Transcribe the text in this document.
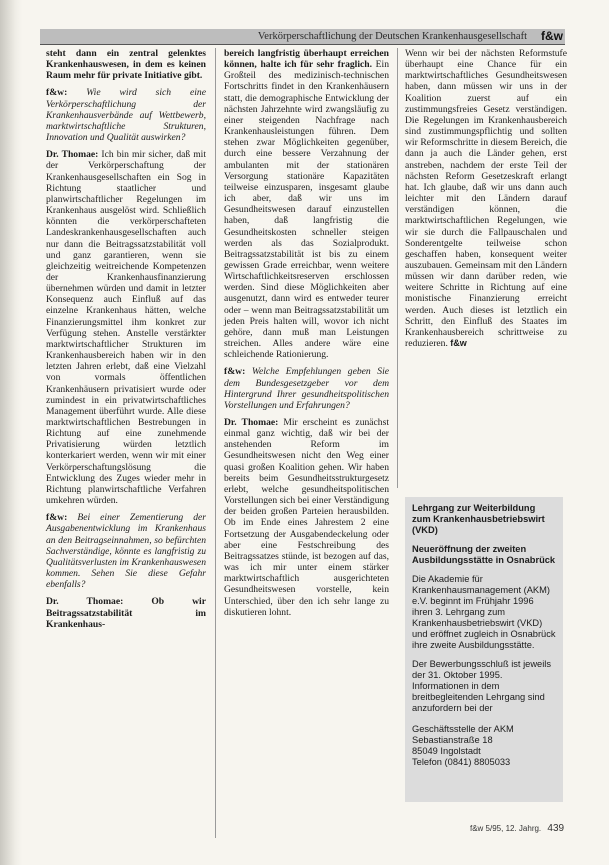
Verkörperschaftlichung der Deutschen Krankenhausgesellschaft f&w

steht dann ein zentral gelenktes Krankenhauswesen, in dem es keinen Raum mehr für private Initiative gibt.

f&w: Wie wird sich eine Verkörperschaftlichung der Krankenhausverbände auf Wettbewerb, marktwirtschaftliche Strukturen, Innovation und Qualität auswirken?

Dr. Thomae: Ich bin mir sicher, daß mit der Verkörperschaftung der Krankenhausgesellschaften ein Sog in Richtung staatlicher und planwirtschaftlicher Regelungen im Krankenhaus ausgelöst wird. Schließlich könnten die verkörperschafteten Landeskrankenhausgesellschaften auch nur dann die Beitragssatzstabilität voll und ganz garantieren, wenn sie gleichzeitig weitreichende Kompetenzen der Krankenhausfinanzierung übernehmen würden und damit in letzter Konsequenz auch Einfluß auf das einzelne Krankenhaus hätten, welche Finanzierungsmittel ihm konkret zur Verfügung stehen. Anstelle verstärkter marktwirtschaftlicher Strukturen im Krankenhausbereich haben wir in den letzten Jahren erlebt, daß eine Vielzahl von vormals öffentlichen Krankenhäusern privatisiert wurde oder zumindest in ein privatwirtschaftliches Management überführt wurde. Alle diese marktwirtschaftlichen Bestrebungen in Richtung auf eine zunehmende Privatisierung würden letztlich konterkariert werden, wenn wir mit einer Verkörperschaftungslösung die Entwicklung des Zuges wieder mehr in Richtung planwirtschaftliche Verfahren umkehren würden.

f&w: Bei einer Zementierung der Ausgabenentwicklung im Krankenhaus an den Beitragseinnahmen, so befürchten Sachverständige, könnte es langfristig zu Qualitätsverlusten im Krankenhauswesen kommen. Sehen Sie diese Gefahr ebenfalls?

Dr. Thomae:	Ob wir Beitragssatzstabilität im Krankenhaus-

bereich langfristig überhaupt erreichen können, halte ich für sehr fraglich. Ein Großteil des medizinisch-technischen Fortschritts findet in den Krankenhäusern statt, die demographische Entwicklung der nächsten Jahrzehnte wird zwangsläufig zu einer steigenden Nachfrage nach Krankenhausleistungen führen. Dem stehen zwar Möglichkeiten gegenüber, durch eine bessere Verzahnung der ambulanten mit der stationären Versorgung stationäre Kapazitäten teilweise einzusparen, insgesamt glaube ich aber, daß wir uns im Gesundheitswesen darauf einzustellen haben, daß langfristig die Gesundheitskosten schneller steigen werden als das Sozialprodukt. Beitragssatzstabilität ist bis zu einem gewissen Grade erreichbar, wenn weitere Wirtschaftlichkeitsreserven erschlossen werden. Sind diese Möglichkeiten aber ausgenutzt, dann wird es entweder teurer oder – wenn man Beitragssatzstabilität um jeden Preis halten will, wovor ich nicht gehöre, dann muß man Leistungen streichen. Alles andere wäre eine schleichende Rationierung.

f&w: Welche Empfehlungen geben Sie dem Bundesgesetzgeber vor dem Hintergrund Ihrer gesundheitspolitischen Vorstellungen und Erfahrungen?

Dr. Thomae: Mir erscheint es zunächst einmal ganz wichtig, daß wir bei der anstehenden Reform im Gesundheitswesen nicht den Weg einer quasi großen Koalition gehen. Wir haben bereits beim Gesundheitsstrukturgesetz erlebt, welche gesundheitspolitischen Vorstellungen sich bei einer Verständigung der beiden großen Parteien herausbilden. Ob im Ende eines Jahrestem 2 eine Fortsetzung der Ausgabendeckelung oder aber eine Festschreibung des Beitragssatzes stünde, ist bezogen auf das, was ich mir unter einem stärker marktwirtschaftlich ausgerichteten Gesundheitswesen vorstelle, kein Unterschied, über den ich sehr lange zu diskutieren lohnt.

Wenn wir bei der nächsten Reformstufe überhaupt eine Chance für ein marktwirtschaftliches Gesundheitswesen haben, dann müssen wir uns in der Koalition zuerst auf ein zustimmungsfreies Gesetz verständigen. Die Regelungen im Krankenhausbereich sind zustimmungspflichtig und sollten wir Reformschritte in diesem Bereich, die dann ja auch die Länder gehen, erst anstreben, nachdem der erste Teil der nächsten Reform Gesetzeskraft erlangt hat. Ich glaube, daß wir uns dann auch leichter mit den Ländern darauf verständigen können, die marktwirtschaftlichen Regelungen, wie wir sie durch die Fallpauschalen und Sonderentgelte teilweise schon geschaffen haben, konsequent weiter auszubauen. Gemeinsam mit den Ländern müssen wir dann darüber reden, wie weitere Schritte in Richtung auf eine monistische Finanzierung erreicht werden. Auch dieses ist letztlich ein Schritt, den Einfluß des Staates im Krankenhausbereich schrittweise zu reduzieren. f&w

Lehrgang zur Weiterbildung zum Krankenhausbetriebswirt (VKD)

Neueröffnung der zweiten Ausbildungsstätte in Osnabrück

Die Akademie für Krankenhausmanagement (AKM) e.V. beginnt im Frühjahr 1996 ihren 3. Lehrgang zum Krankenhausbetriebswirt (VKD) und eröffnet zugleich in Osnabrück ihre zweite Ausbildungsstätte.

Der Bewerbungsschluß ist jeweils der 31. Oktober 1995. Informationen in dem breitbegleitenden Lehrgang sind anzufordern bei der

Geschäftsstelle der AKM

Sebastianstraße 18

85049 Ingolstadt

Telefon (0841) 8805033

f&w 5/95, 12. Jahrg. 439
